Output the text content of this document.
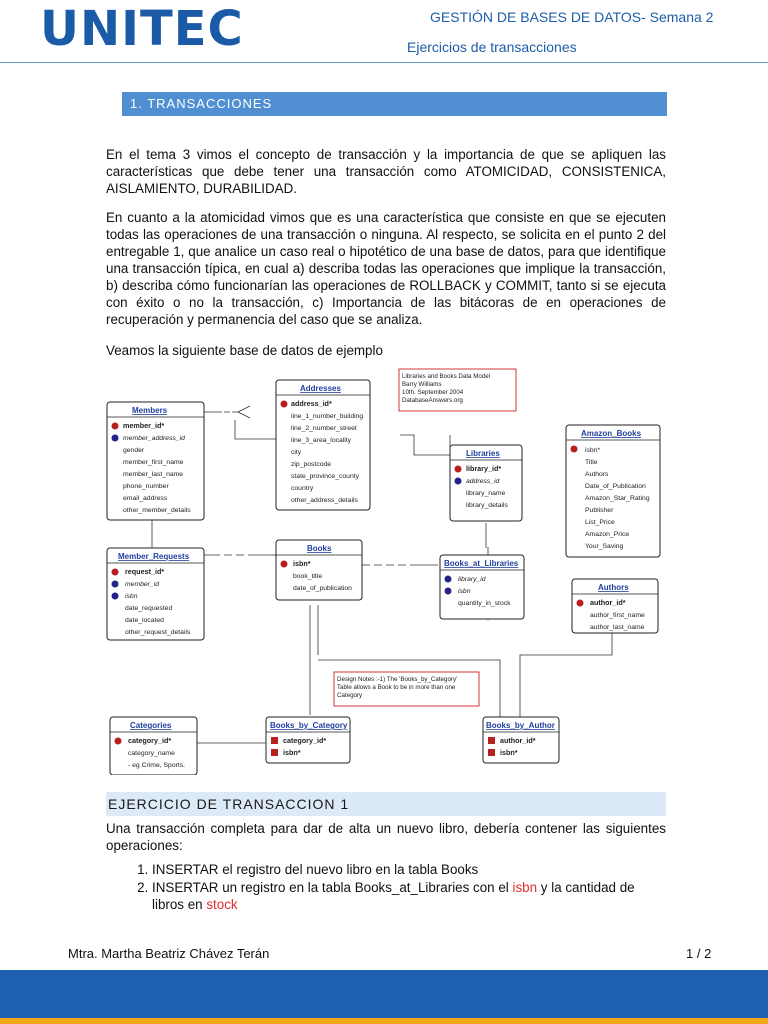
UNITEC	GESTIÓN DE BASES DE DATOS- Semana 2
Ejercicios de transacciones
1. TRANSACCIONES
En el tema 3 vimos el concepto de transacción y la importancia de que se apliquen las características que debe tener una transacción como ATOMICIDAD, CONSISTENICA, AISLAMIENTO, DURABILIDAD.
En cuanto a la atomicidad vimos que es una característica que consiste en que se ejecuten todas las operaciones de una transacción o ninguna. Al respecto, se solicita en el punto 2 del entregable 1, que analice un caso real o hipotético de una base de datos, para que identifique una transacción típica, en cual a) describa todas las operaciones que implique la transacción, b) describa cómo funcionarían las operaciones de ROLLBACK y COMMIT, tanto si se ejecuta con éxito o no la transacción, c) Importancia de las bitácoras de en operaciones de recuperación y permanencia del caso que se analiza.
Veamos la siguiente base de datos de ejemplo
Members
member_id*
member_address_id
gender
member_first_name
member_last_name
phone_number
email_address
other_member_details
Addresses
address_id*
line_1_number_building
line_2_number_street
line_3_area_locality
city
zip_postcode
state_province_county
country
other_address_details
Libraries and Books Data Model
Barry Williams
10th. September 2004
DatabaseAnswers.org
Libraries
library_id*
address_id
library_name
library_details
Amazon_Books
isbn*
Title
Authors
Date_of_Publication
Amazon_Star_Rating
Publisher
List_Price
Amazon_Price
Your_Saving
Member_Requests
request_id*
member_id
isbn
date_requested
date_located
other_request_details
Books
isbn*
book_title
date_of_publication
Books_at_Libraries
library_id
isbn
quantity_in_stock
Authors
author_id*
author_first_name
author_last_name
Design Notes :-1) The 'Books_by_Category'
Table allows a Book to be in more than one
Category
Categories
category_id*
category_name
- eg Crime, Sports.
Books_by_Category
category_id*
isbn*
Books_by_Author
author_id*
isbn*
EJERCICIO DE TRANSACCION 1
Una transacción completa para dar de alta un nuevo libro, debería contener las siguientes operaciones:
1. INSERTAR el registro del nuevo libro en la tabla Books
2. INSERTAR un registro en la tabla Books_at_Libraries con el isbn y la cantidad de libros en stock
Mtra. Martha Beatriz Chávez Terán	1 / 2
